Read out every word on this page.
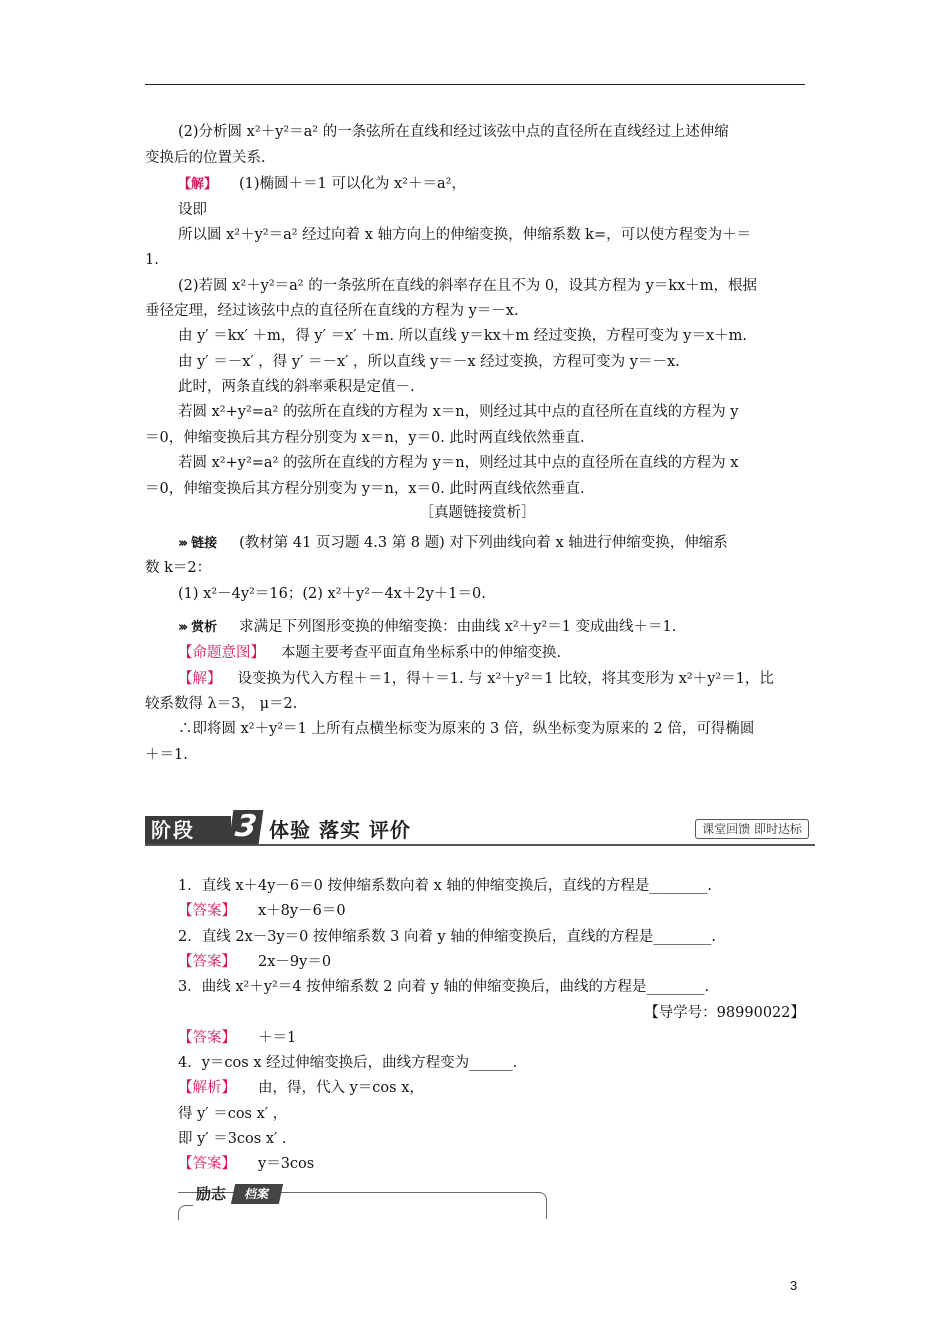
(2)分析圆 x²＋y²＝a² 的一条弦所在直线和经过该弦中点的直径所在直线经过上述伸缩
变换后的位置关系.
【解】 (1)椭圆＋＝1 可以化为 x²＋＝a²，
设即
所以圆 x²＋y²＝a² 经过向着 x 轴方向上的伸缩变换，伸缩系数 k=，可以使方程变为＋＝
1.
(2)若圆 x²＋y²＝a² 的一条弦所在直线的斜率存在且不为 0，设其方程为 y＝kx＋m，根据
垂径定理，经过该弦中点的直径所在直线的方程为 y＝－x.
由 y′ ＝kx′ ＋m，得 y′ ＝x′ ＋m. 所以直线 y＝kx＋m 经过变换，方程可变为 y＝x＋m.
由 y′ ＝－x′ ，得 y′ ＝－x′ ，所以直线 y＝－x 经过变换，方程可变为 y＝－x.
此时，两条直线的斜率乘积是定值－.
若圆 x²+y²=a² 的弦所在直线的方程为 x＝n，则经过其中点的直径所在直线的方程为 y
＝0，伸缩变换后其方程分别变为 x＝n，y＝0. 此时两直线依然垂直.
若圆 x²+y²=a² 的弦所在直线的方程为 y＝n，则经过其中点的直径所在直线的方程为 x
＝0，伸缩变换后其方程分别变为 y＝n，x＝0. 此时两直线依然垂直.
［真题链接赏析］
››› 链接 (教材第 41 页习题 4.3 第 8 题) 对下列曲线向着 x 轴进行伸缩变换，伸缩系
数 k＝2：
(1) x²－4y²＝16；(2) x²＋y²－4x＋2y＋1＝0.
››› 赏析 求满足下列图形变换的伸缩变换：由曲线 x²＋y²＝1 变成曲线＋＝1.
【命题意图】 本题主要考查平面直角坐标系中的伸缩变换.
【解】 设变换为代入方程＋＝1，得＋＝1. 与 x²＋y²＝1 比较，将其变形为 x²＋y²＝1，比
较系数得 λ＝3， μ＝2.
∴即将圆 x²＋y²＝1 上所有点横坐标变为原来的 3 倍，纵坐标变为原来的 2 倍，可得椭圆
＋＝1.
阶段	3 体验 落实 评价	课堂回馈 即时达标
1．直线 x＋4y－6＝0 按伸缩系数向着 x 轴的伸缩变换后，直线的方程是________.
【答案】 x＋8y－6＝0
2．直线 2x－3y＝0 按伸缩系数 3 向着 y 轴的伸缩变换后，直线的方程是________.
【答案】 2x－9y＝0
3．曲线 x²＋y²＝4 按伸缩系数 2 向着 y 轴的伸缩变换后，曲线的方程是________.
【导学号：98990022】
【答案】 ＋＝1
4．y＝cos x 经过伸缩变换后，曲线方程变为______.
【解析】 由，得，代入 y＝cos x，
得 y′ ＝cos x′ ，
即 y′ ＝3cos x′ .
【答案】 y＝3cos
励志	档案
3
